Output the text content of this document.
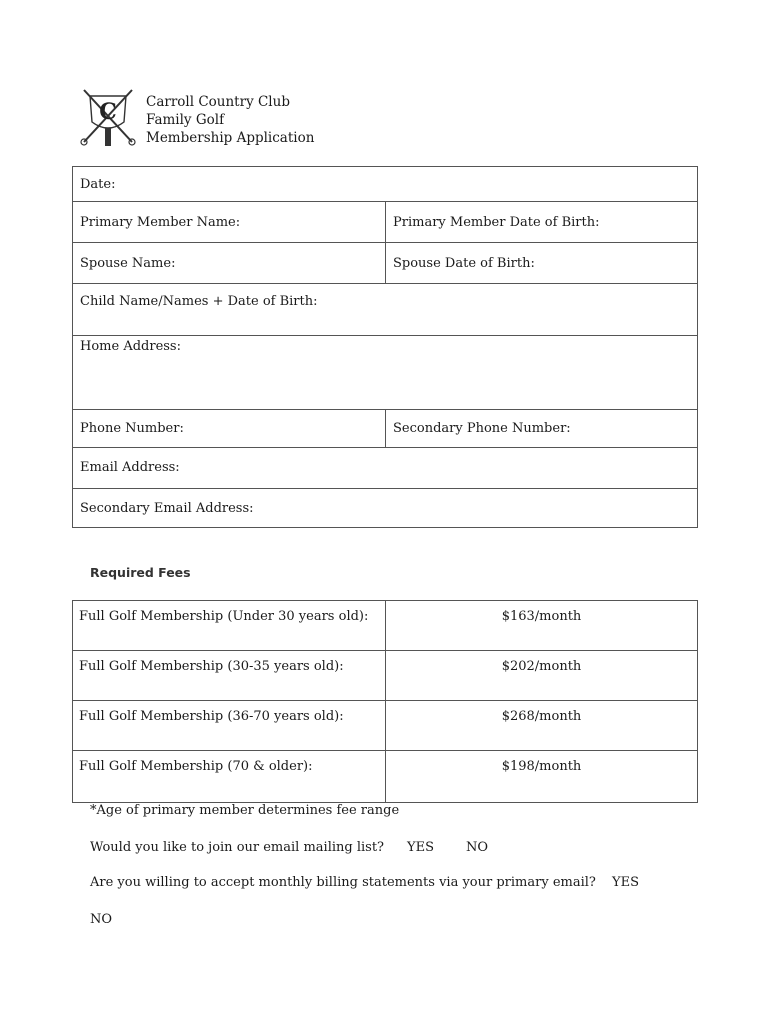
C Carroll Country Club
Family Golf
Membership Application
Date:	
Primary Member Name:	Primary Member Date of Birth:
Spouse Name:	Spouse Date of Birth:
Child Name/Names + Date of Birth:	
Home Address:	
Phone Number:	Secondary Phone Number:
Email Address:	
Secondary Email Address:	
Required Fees
Full Golf Membership (Under 30 years old):	$163/month
Full Golf Membership (30-35 years old):	$202/month
Full Golf Membership (36-70 years old):	$268/month
Full Golf Membership (70 & older):	$198/month
*Age of primary member determines fee range
Would you like to join our email mailing list? YES NO
Are you willing to accept monthly billing statements via your primary email? YES
NO
